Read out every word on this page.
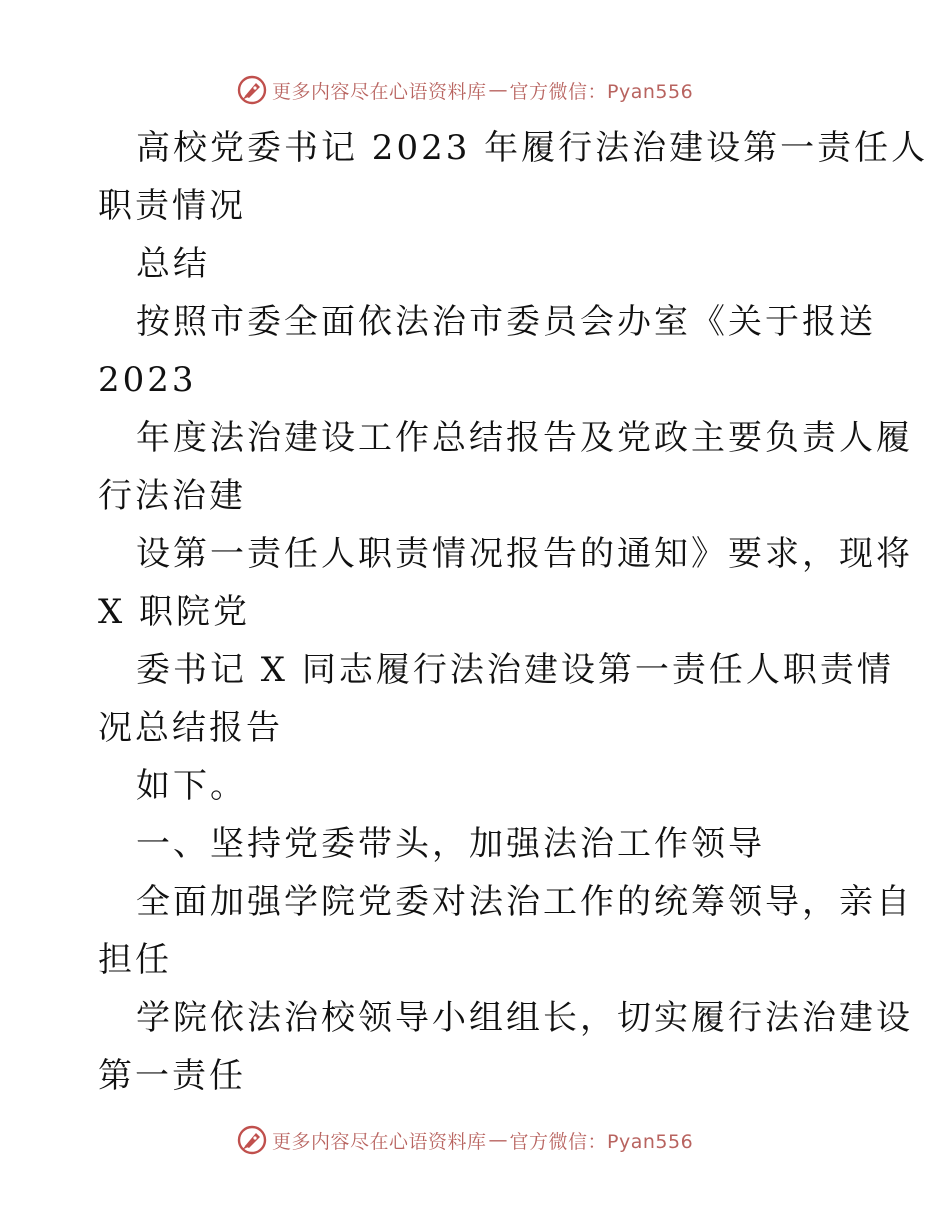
更多内容尽在心语资料库 — 官方微信：Pyan556
高校党委书记 2023 年履行法治建设第一责任人
职责情况
总结
按照市委全面依法治市委员会办室《关于报送
2023
年度法治建设工作总结报告及党政主要负责人履
行法治建
设第一责任人职责情况报告的通知》要求，现将
X 职院党
委书记 X 同志履行法治建设第一责任人职责情
况总结报告
如下。
一、坚持党委带头，加强法治工作领导
全面加强学院党委对法治工作的统筹领导，亲自
担任
学院依法治校领导小组组长，切实履行法治建设
第一责任
更多内容尽在心语资料库 — 官方微信：Pyan556
